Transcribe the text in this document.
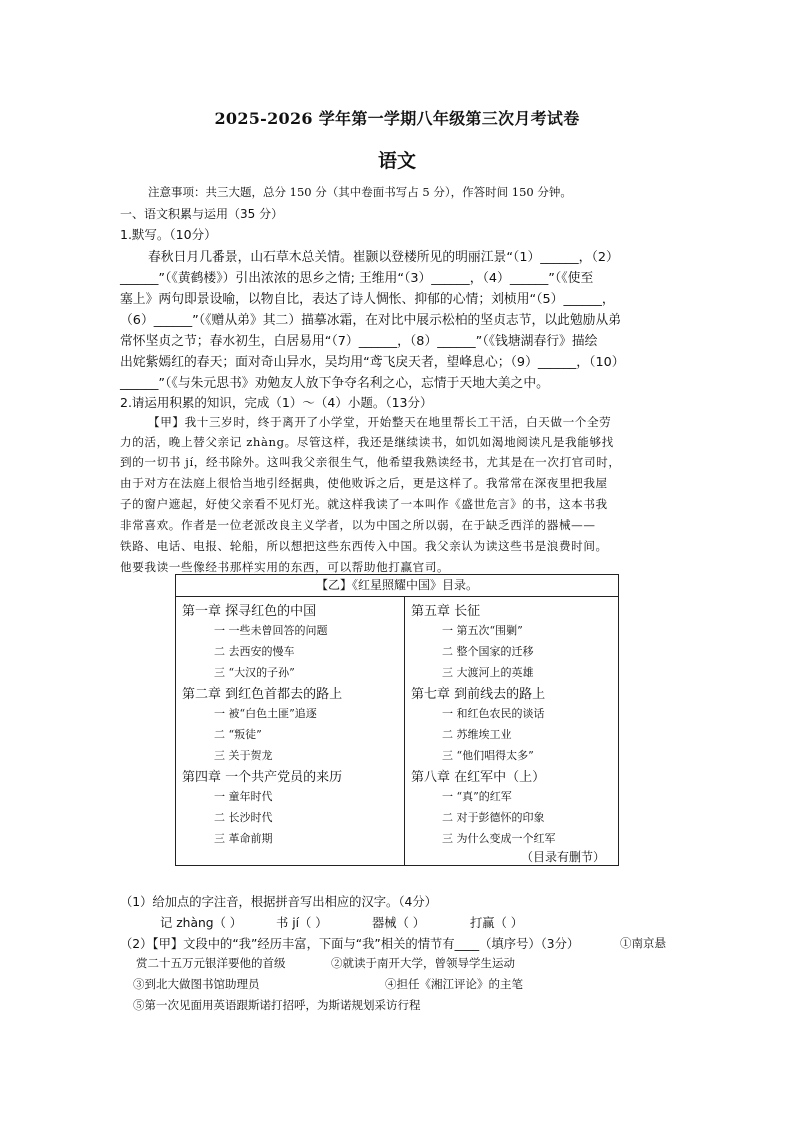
2025-2026 学年第一学期八年级第三次月考试卷
语文
注意事项：共三大题，总分 150 分（其中卷面书写占 5 分），作答时间 150 分钟。
一、语文积累与运用（35 分）
1.默写。（10分）
春秋日月几番景，山石草木总关情。崔颢以登楼所见的明丽江景“（1）______，（2）
______”（《黄鹤楼》）引出浓浓的思乡之情; 王维用“（3）______，（4）______”（《使至
塞上》两句即景设喻，以物自比，表达了诗人惆怅、抑郁的心情；刘桢用“（5）______，
（6）______”（《赠从弟》其二）描摹冰霜，在对比中展示松柏的坚贞志节，以此勉励从弟
常怀坚贞之节；春水初生，白居易用“（7）______，（8）______”（《钱塘湖春行》描绘
出姹紫嫣红的春天；面对奇山异水，吴均用“鸢飞戾天者，望峰息心；（9）______，（10）
______”（《与朱元思书》劝勉友人放下争夺名利之心，忘情于天地大美之中。
2.请运用积累的知识，完成（1）～（4）小题。（13分）
【甲】我十三岁时，终于离开了小学堂，开始整天在地里帮长工干活，白天做一个全劳
力的活，晚上替父亲记 zhàng。尽管这样，我还是继续读书，如饥如渴地阅读凡是我能够找
到的一切书 jí，经书除外。这叫我父亲很生气，他希望我熟读经书，尤其是在一次打官司时，
由于对方在法庭上很恰当地引经据典，使他败诉之后，更是这样了。我常常在深夜里把我屋
子的窗户遮起，好使父亲看不见灯光。就这样我读了一本叫作《盛世危言》的书，这本书我
非常喜欢。作者是一位老派改良主义学者，以为中国之所以弱，在于缺乏西洋的器械——
铁路、电话、电报、轮船，所以想把这些东西传入中国。我父亲认为读这些书是浪费时间。
他要我读一些像经书那样实用的东西，可以帮助他打赢官司。
【乙】《红星照耀中国》目录。
第一章 探寻红色的中国
一 一些未曾回答的问题
二 去西安的慢车
三 “大汉的子孙”
第二章 到红色首都去的路上
一 被“白色土匪”追逐
二 “叛徒”
三 关于贺龙
第四章 一个共产党员的来历
一 童年时代
二 长沙时代
三 革命前期
第五章 长征
一 第五次“围剿”
二 整个国家的迁移
三 大渡河上的英雄
第七章 到前线去的路上
一 和红色农民的谈话
二 苏维埃工业
三 “他们唱得太多”
第八章 在红军中（上）
一 “真”的红军
二 对于彭德怀的印象
三 为什么变成一个红军
（目录有删节）
（1）给加点的字注音，根据拼音写出相应的汉字。（4分）
记 zhàng（ ）	书 jí（ ）	器械（ ）	打赢（ ）
（2）【甲】文段中的“我”经历丰富，下面与“我”相关的情节有____（填序号）（3分）	①南京悬
赏二十五万元银洋要他的首级	②就读于南开大学，曾领导学生运动
③到北大做图书馆助理员	④担任《湘江评论》的主笔
⑤第一次见面用英语跟斯诺打招呼，为斯诺规划采访行程
